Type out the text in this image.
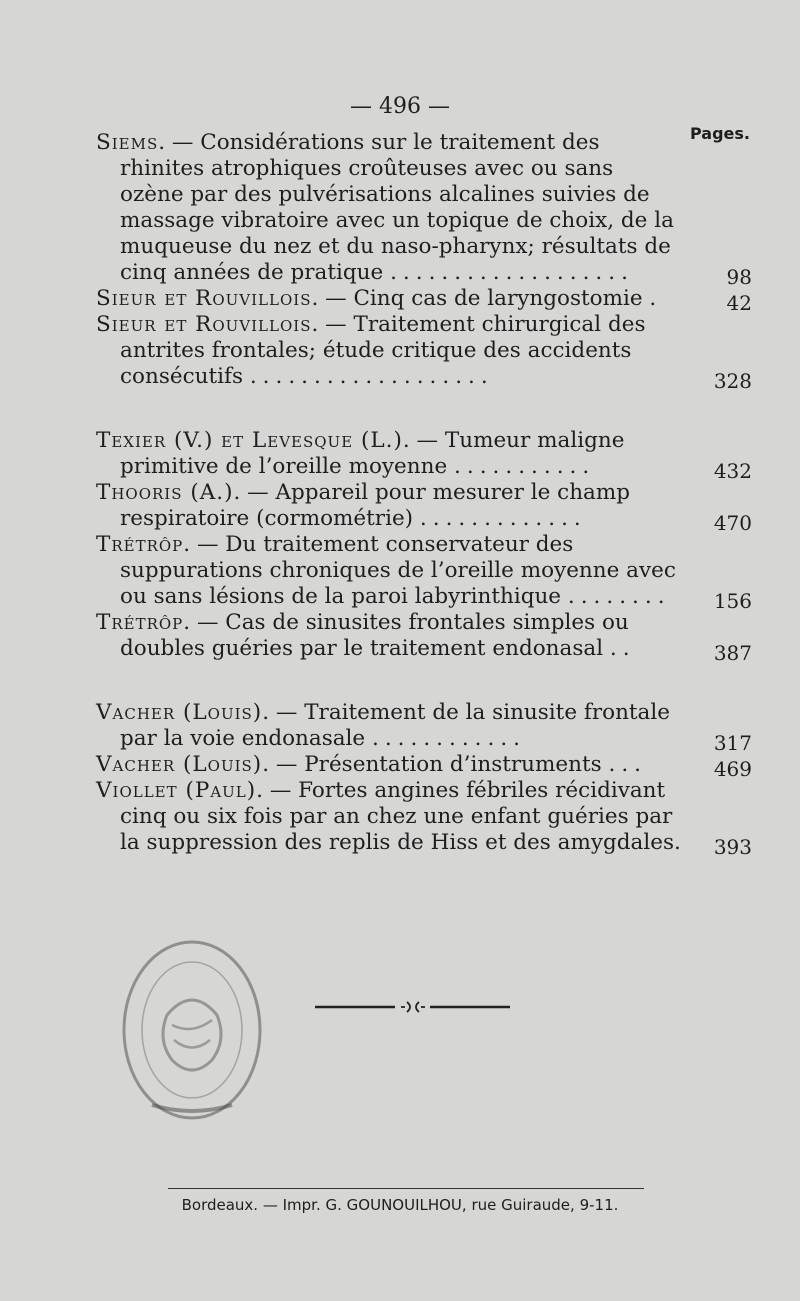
— 496 —
Pages.
Siems. — Considérations sur le traitement des rhinites atrophiques croûteuses avec ou sans ozène par des pulvérisations alcalines suivies de massage vibratoire avec un topique de choix, de la muqueuse du nez et du naso-pharynx; résultats de cinq années de pratique ...................	98
Sieur et Rouvillois. — Cinq cas de laryngostomie .	42
Sieur et Rouvillois. — Traitement chirurgical des antrites frontales; étude critique des accidents consécutifs ...................	328
Texier (V.) et Levesque (L.). — Tumeur maligne primitive de l’oreille moyenne ...........	432
Thooris (A.). — Appareil pour mesurer le champ respiratoire (cormométrie) .............	470
Trétrôp. — Du traitement conservateur des suppurations chroniques de l’oreille moyenne avec ou sans lésions de la paroi labyrinthique ........	156
Trétrôp. — Cas de sinusites frontales simples ou doubles guéries par le traitement endonasal ..	387
Vacher (Louis). — Traitement de la sinusite frontale par la voie endonasale ............	317
Vacher (Louis). — Présentation d’instruments ...	469
Viollet (Paul). — Fortes angines fébriles récidivant cinq ou six fois par an chez une enfant guéries par la suppression des replis de Hiss et des amygdales.	393
Bordeaux. — Impr. G. GOUNOUILHOU, rue Guiraude, 9-11.
